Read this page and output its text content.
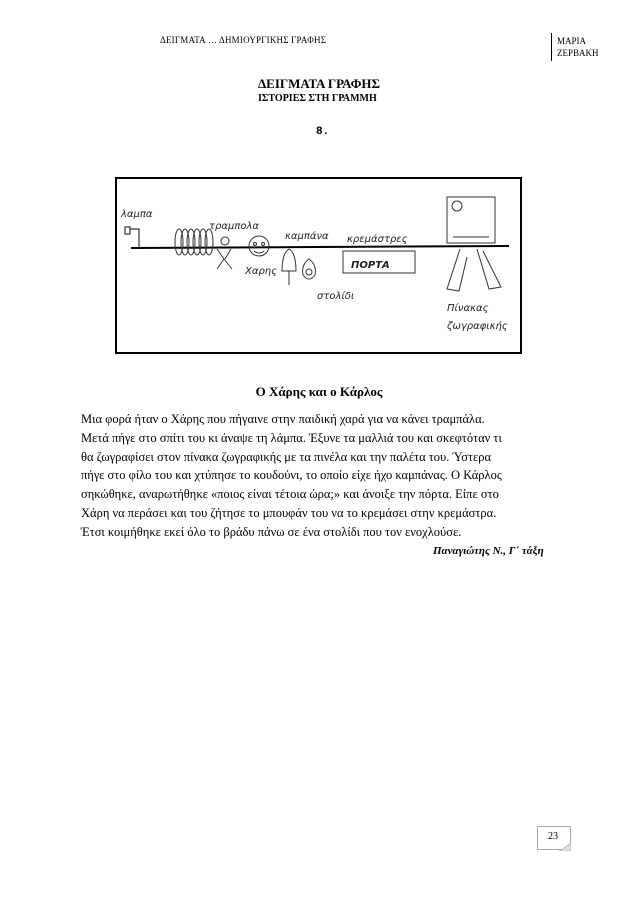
ΔΕΙΓΜΑΤΑ … ΔΗΜΙΟΥΡΓΙΚΗΣ ΓΡΑΦΗΣ	ΜΑΡΙΑ
ΖΕΡΒΑΚΗ
ΔΕΙΓΜΑΤΑ ΓΡΑΦΗΣ
ΙΣΤΟΡΙΕΣ ΣΤΗ ΓΡΑΜΜΗ
8.
λαμπα
τραμπολα
Χαρης
καμπάνα
στολίδι
ΠΟΡΤΑ
κρεμάστρες
Πίνακας
ζωγραφικής
Ο Χάρης και ο Κάρλος
Μια φορά ήταν ο Χάρης που πήγαινε στην παιδική χαρά για να κάνει τραμπάλα.
Μετά πήγε στο σπίτι του κι άναψε τη λάμπα. Έξυνε τα μαλλιά του και σκεφτόταν τι
θα ζωγραφίσει στον πίνακα ζωγραφικής με τα πινέλα και την παλέτα του. Ύστερα
πήγε στο φίλο του και χτύπησε το κουδούνι, το οποίο είχε ήχο καμπάνας. Ο Κάρλος
σηκώθηκε, αναρωτήθηκε «ποιος είναι τέτοια ώρα;» και άνοιξε την πόρτα. Είπε στο
Χάρη να περάσει και του ζήτησε το μπουφάν του να το κρεμάσει στην κρεμάστρα.
Έτσι κοιμήθηκε εκεί όλο το βράδυ πάνω σε ένα στολίδι που τον ενοχλούσε.
Παναγιώτης Ν., Γ΄ τάξη
23
